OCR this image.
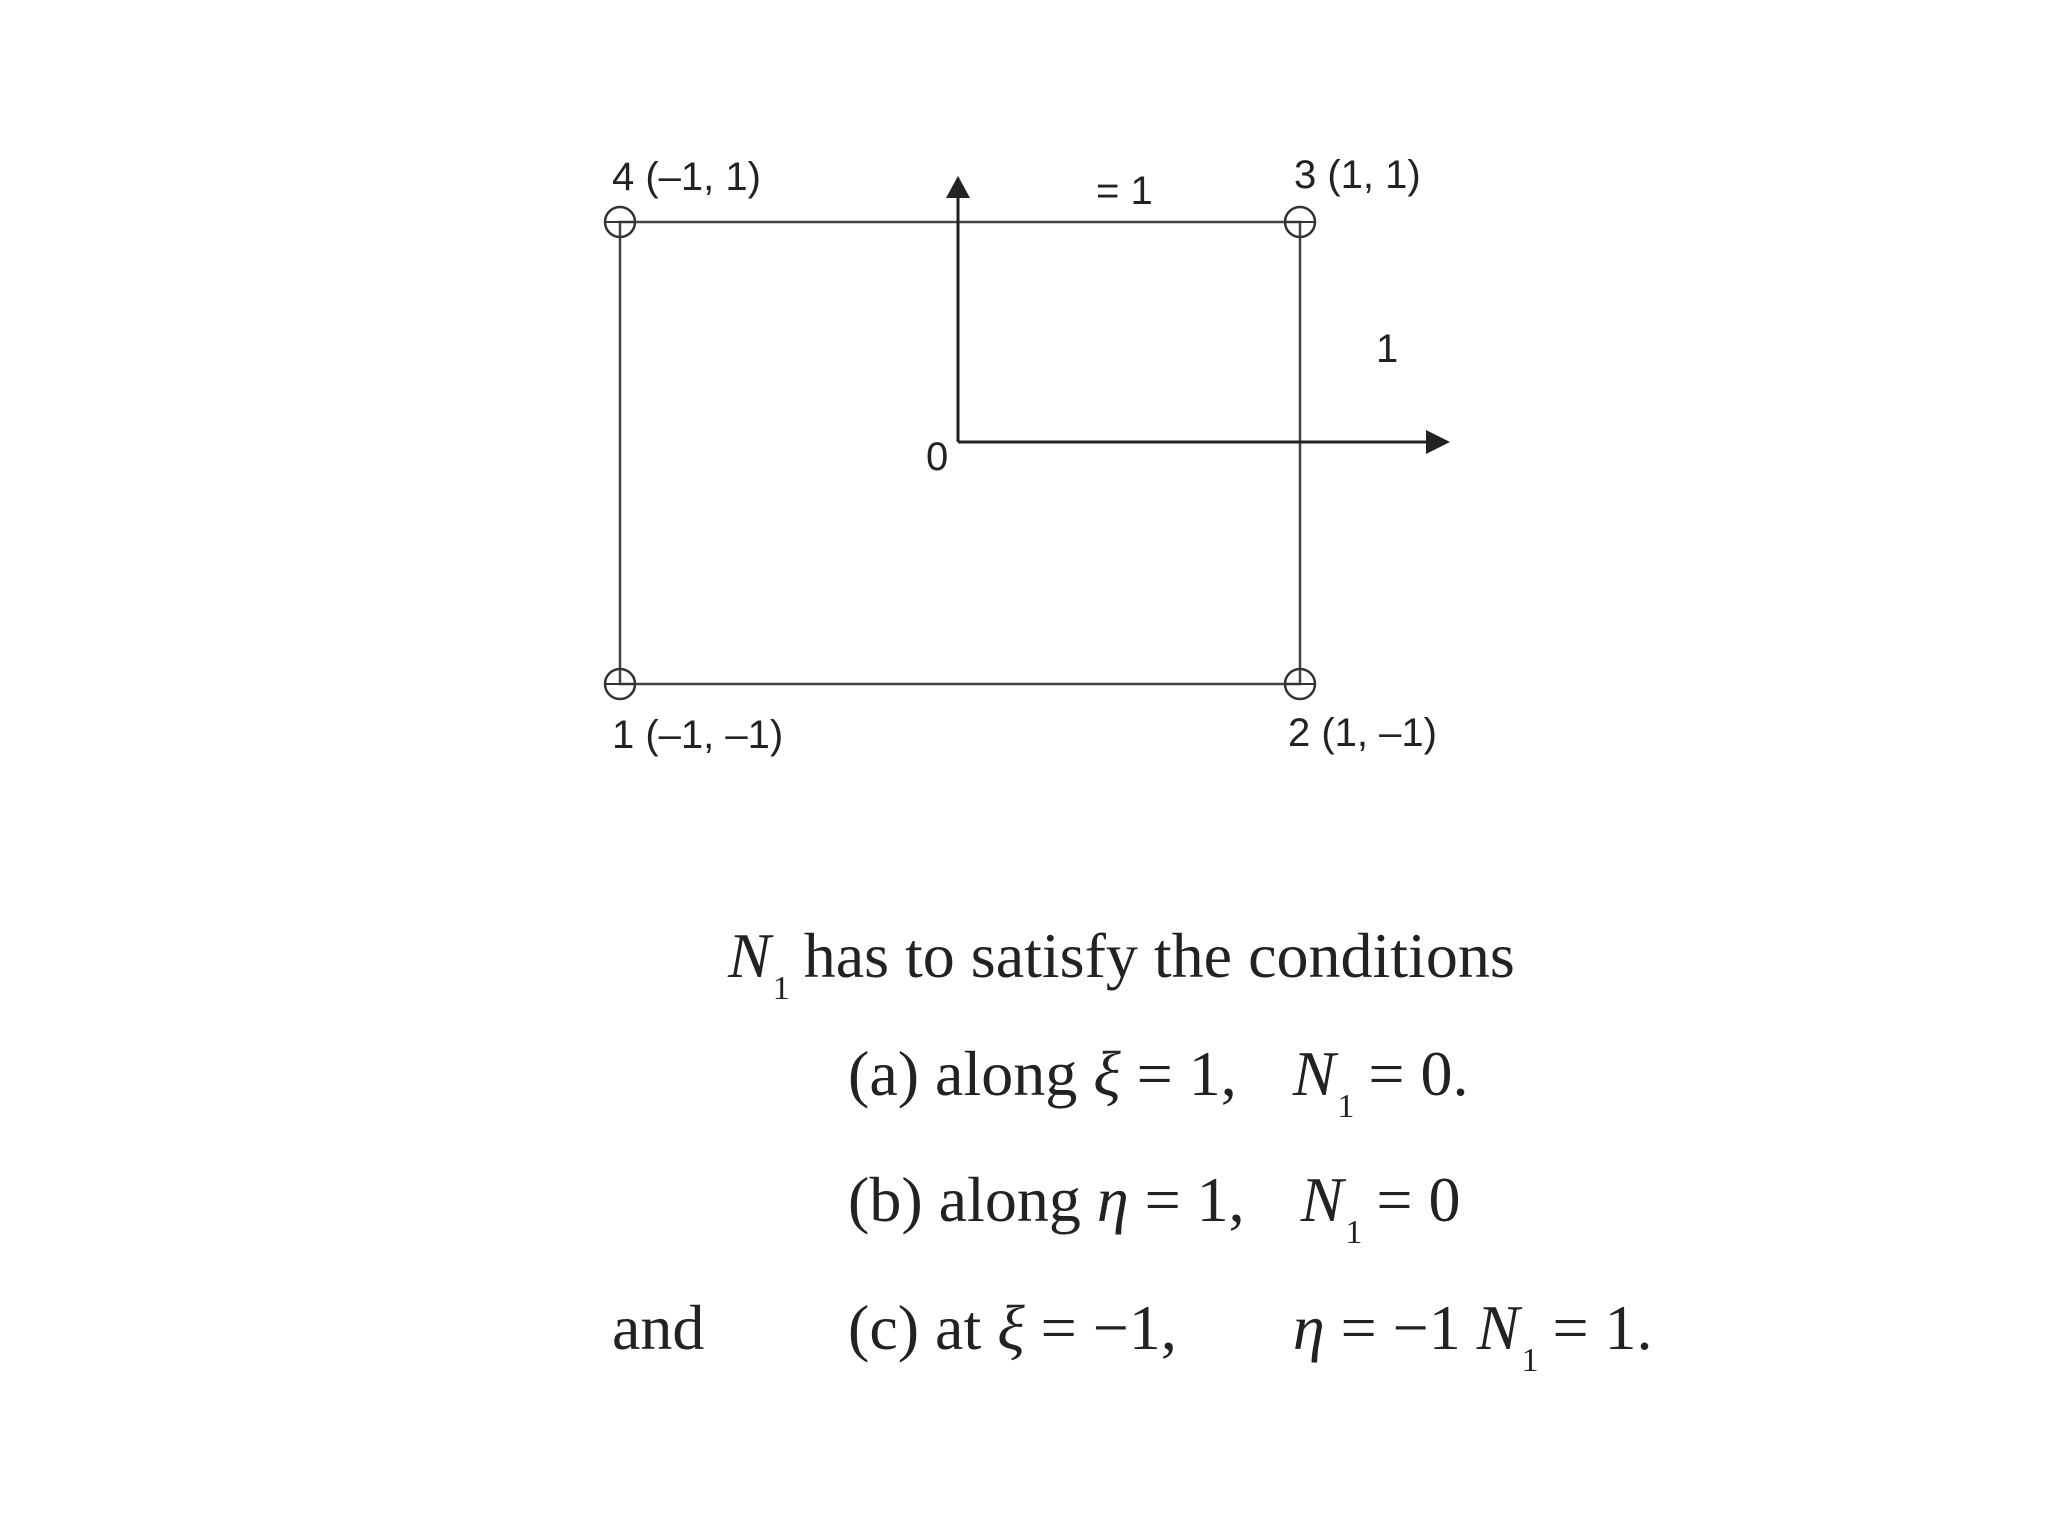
4 (–1, 1)	3 (1, 1)
1 (–1, –1)	2 (1, –1)
0
= 1
1
$N_1$ has to satisfy the conditions
(a) along ξ = 1, $N_1 = 0$.
(b) along η = 1, $N_1 = 0$
and (c) at ξ = −1, η = −1 $N_1 = 1$.
